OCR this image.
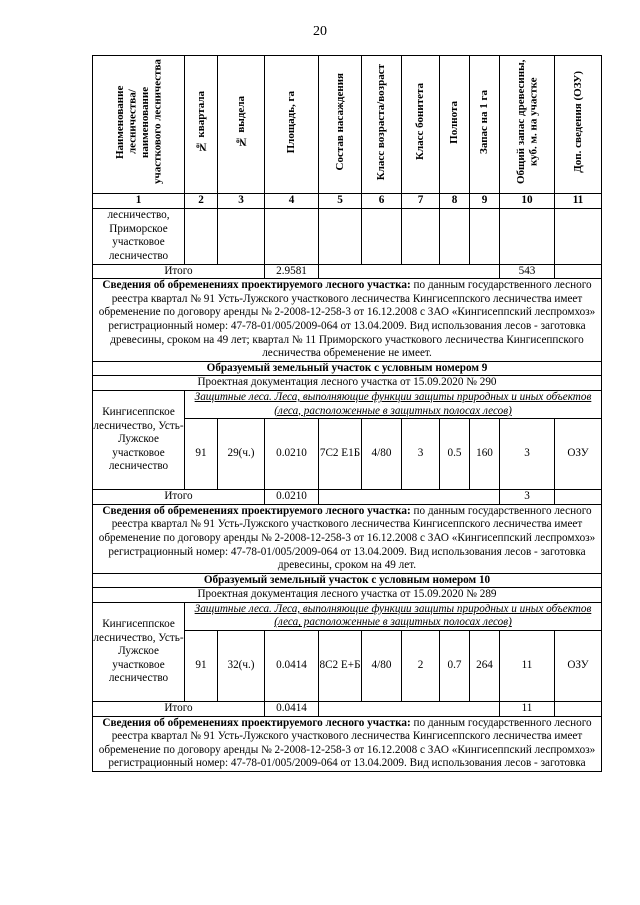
20
Наименование лесничества/ наименование участкового лесничества	№ квартала	№ выдела	Площадь, га	Состав насаждения	Класс возраста/возраст	Класс бонитета	Полнота	Запас на 1 га	Общий запас древесины, куб. м. на участке	Доп. сведения (ОЗУ)
1	2	3	4	5	6	7	8	9	10	11
лесничество, Приморское участковое лесничество										
Итого			2.9581						543	
Сведения об обременениях проектируемого лесного участка: по данным государственного лесного реестра квартал № 91 Усть-Лужского участкового лесничества Кингисеппского лесничества имеет обременение по договору аренды № 2-2008-12-258-3 от 16.12.2008 с ЗАО «Кингисеппский леспромхоз» регистрационный номер: 47-78-01/005/2009-064 от 13.04.2009. Вид использования лесов - заготовка древесины, сроком на 49 лет; квартал № 11 Приморского участкового лесничества Кингисеппского лесничества обременение не имеет.										
Образуемый земельный участок с условным номером 9										
Проектная документация лесного участка от 15.09.2020 № 290										
Кингисеппское лесничество, Усть-Лужское участковое лесничество	Защитные леса. Леса, выполняющие функции защиты природных и иных объектов (леса, расположенные в защитных полосах лесов)									
	91	29(ч.)	0.0210	7С2 Е1Б	4/80	3	0.5	160	3	ОЗУ
Итого			0.0210						3	
Сведения об обременениях проектируемого лесного участка: по данным государственного лесного реестра квартал № 91 Усть-Лужского участкового лесничества Кингисеппского лесничества имеет обременение по договору аренды № 2-2008-12-258-3 от 16.12.2008 с ЗАО «Кингисеппский леспромхоз» регистрационный номер: 47-78-01/005/2009-064 от 13.04.2009. Вид использования лесов - заготовка древесины, сроком на 49 лет.										
Образуемый земельный участок с условным номером 10										
Проектная документация лесного участка от 15.09.2020 № 289										
Кингисеппское лесничество, Усть-Лужское участковое лесничество	Защитные леса. Леса, выполняющие функции защиты природных и иных объектов (леса, расположенные в защитных полосах лесов)									
	91	32(ч.)	0.0414	8С2 Е+Б	4/80	2	0.7	264	11	ОЗУ
Итого			0.0414						11	
Сведения об обременениях проектируемого лесного участка: по данным государственного лесного реестра квартал № 91 Усть-Лужского участкового лесничества Кингисеппского лесничества имеет обременение по договору аренды № 2-2008-12-258-3 от 16.12.2008 с ЗАО «Кингисеппский леспромхоз» регистрационный номер: 47-78-01/005/2009-064 от 13.04.2009. Вид использования лесов - заготовка										
